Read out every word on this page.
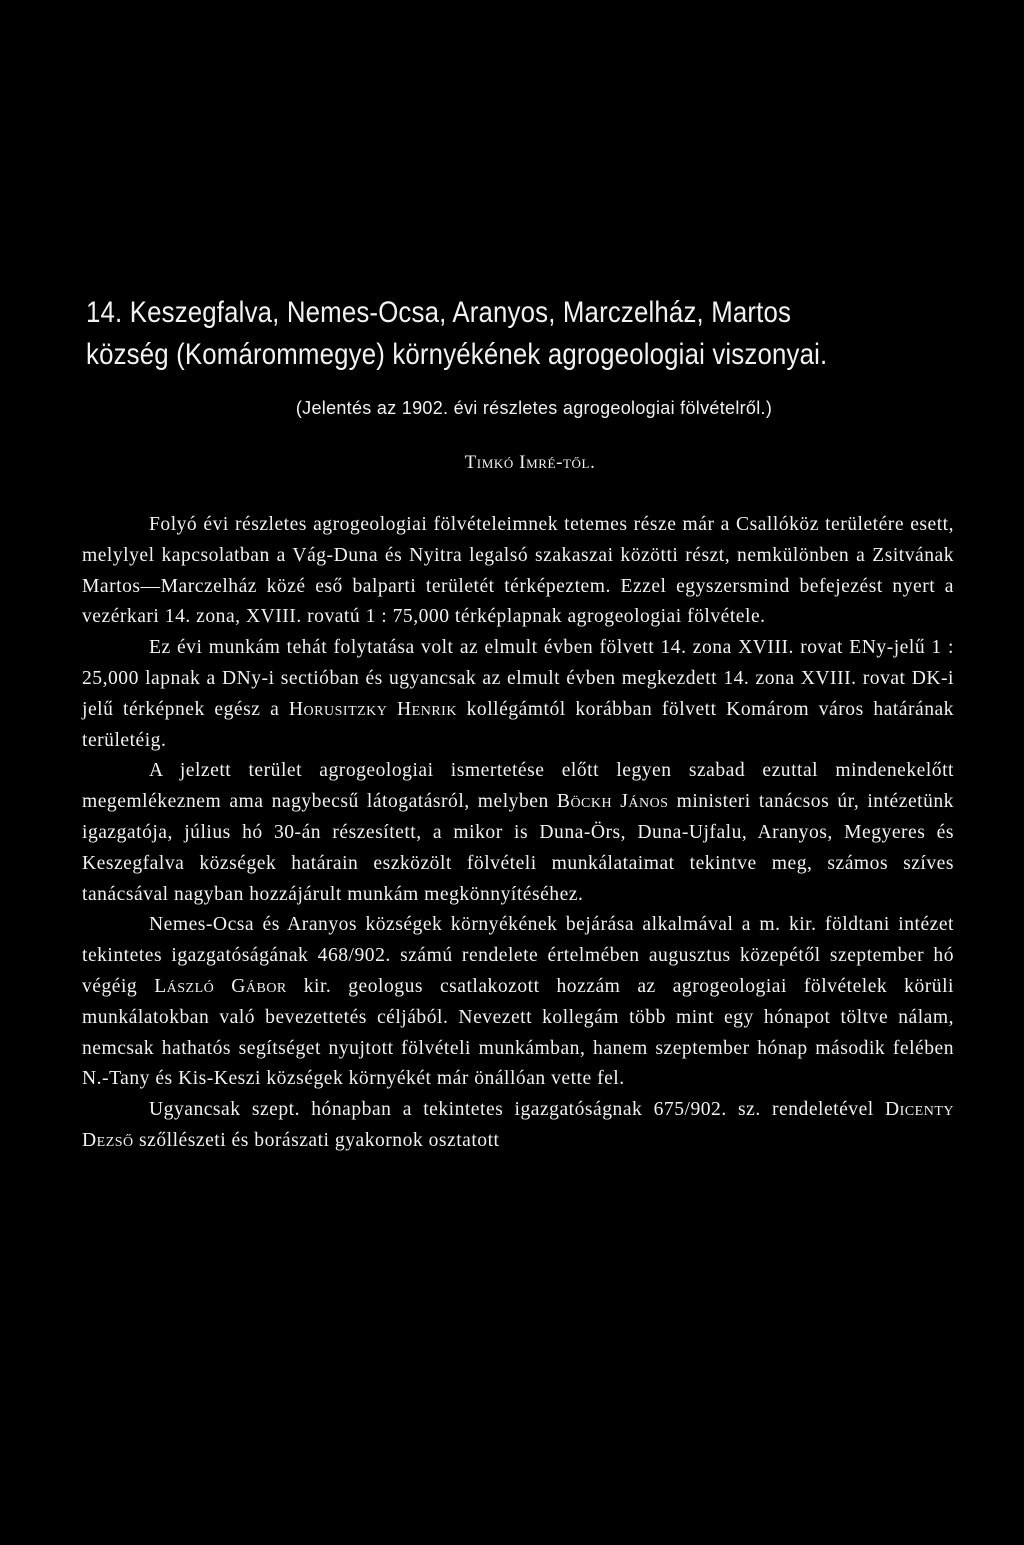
14. Keszegfalva, Nemes-Ocsa, Aranyos, Marczelház, Martos
község (Komárommegye) környékének agrogeologiai viszonyai.
(Jelentés az 1902. évi részletes agrogeologiai fölvételről.)
Timkó Imré-től.

Folyó évi részletes agrogeologiai fölvételeimnek tetemes része már a Csallóköz területére esett, melylyel kapcsolatban a Vág-Duna és Nyitra legalsó szakaszai közötti részt, nemkülönben a Zsitvának Martos—Marczelház közé eső balparti területét térképeztem. Ezzel egyszersmind befejezést nyert a vezérkari 14. zona, XVIII. rovatú 1 : 75,000 térképlapnak agrogeologiai fölvétele.

Ez évi munkám tehát folytatása volt az elmult évben fölvett 14. zona XVIII. rovat ENy-jelű 1 : 25,000 lapnak a DNy-i sectióban és ugyancsak az elmult évben megkezdett 14. zona XVIII. rovat DK-i jelű térképnek egész a Horusitzky Henrik kollégámtól korábban fölvett Komárom város határának területéig.

A jelzett terület agrogeologiai ismertetése előtt legyen szabad ezuttal mindenekelőtt megemlékeznem ama nagybecsű látogatásról, melyben Böckh János ministeri tanácsos úr, intézetünk igazgatója, július hó 30-án részesített, a mikor is Duna-Örs, Duna-Ujfalu, Aranyos, Megyeres és Keszegfalva községek határain eszközölt fölvételi munkálataimat tekintve meg, számos szíves tanácsával nagyban hozzájárult munkám megkönnyítéséhez.

Nemes-Ocsa és Aranyos községek környékének bejárása alkalmával a m. kir. földtani intézet tekintetes igazgatóságának 468/902. számú rendelete értelmében augusztus közepétől szeptember hó végéig László Gábor kir. geologus csatlakozott hozzám az agrogeologiai fölvételek körüli munkálatokban való bevezettetés céljából. Nevezett kollegám több mint egy hónapot töltve nálam, nemcsak hathatós segítséget nyujtott fölvételi munkámban, hanem szeptember hónap második felében N.-Tany és Kis-Keszi községek környékét már önállóan vette fel.

Ugyancsak szept. hónapban a tekintetes igazgatóságnak 675/902. sz. rendeletével Dicenty Dezső szőllészeti és borászati gyakornok osztatott
